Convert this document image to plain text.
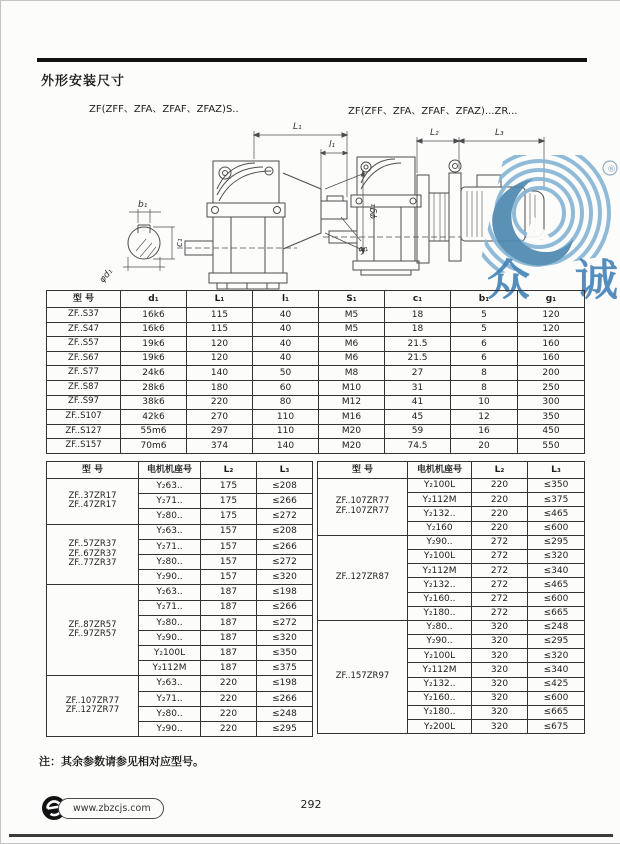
外形安装尺寸
ZF(ZFF、ZFA、ZFAF、ZFAZ)S..	ZF(ZFF、ZFA、ZFAF、ZFAZ)...ZR...
L₁
l₁
φg₁
S₂
b₁
c₁
φd₁
L₂	L₃
®
众 诚
型 号	d₁	L₁	l₁	S₁	c₁	b₁	g₁
ZF..S37	16k6	115	40	M5	18	5	120
ZF..S47	16k6	115	40	M5	18	5	120
ZF..S57	19k6	120	40	M6	21.5	6	160
ZF..S67	19k6	120	40	M6	21.5	6	160
ZF..S77	24k6	140	50	M8	27	8	200
ZF..S87	28k6	180	60	M10	31	8	250
ZF..S97	38k6	220	80	M12	41	10	300
ZF..S107	42k6	270	110	M16	45	12	350
ZF..S127	55m6	297	110	M20	59	16	450
ZF..S157	70m6	374	140	M20	74.5	20	550
型 号	电机机座号	L₂	L₃

ZF..37ZR17
ZF..47ZR17	Y₂63..	175	≤208
	Y₂71..	175	≤266
	Y₂80..	175	≤272

ZF..57ZR37
ZF..67ZR37
ZF..77ZR37	Y₂63..	157	≤208
	Y₂71..	157	≤266
	Y₂80..	157	≤272
	Y₂90..	157	≤320

ZF..87ZR57
ZF..97ZR57	Y₂63..	187	≤198
	Y₂71..	187	≤266
	Y₂80..	187	≤272
	Y₂90..	187	≤320
	Y₂100L	187	≤350
	Y₂112M	187	≤375

ZF..107ZR77
ZF..127ZR77	Y₂63..	220	≤198
	Y₂71..	220	≤266
	Y₂80..	220	≤248
	Y₂90..	220	≤295
型 号	电机机座号	L₂	L₃

ZF..107ZR77
ZF..107ZR77	Y₂100L	220	≤350
	Y₂112M	220	≤375
	Y₂132..	220	≤465
	Y₂160	220	≤600

ZF..127ZR87	Y₂90..	272	≤295
	Y₂100L	272	≤320
	Y₂112M	272	≤340
	Y₂132..	272	≤465
	Y₂160..	272	≤600
	Y₂180..	272	≤665

ZF..157ZR97	Y₂80..	320	≤248
	Y₂90..	320	≤295
	Y₂100L	320	≤320
	Y₂112M	320	≤340
	Y₂132..	320	≤425
	Y₂160..	320	≤600
	Y₂180..	320	≤665
	Y₂200L	320	≤675
注：其余参数请参见相对应型号。
www.zbzcjs.com	292
